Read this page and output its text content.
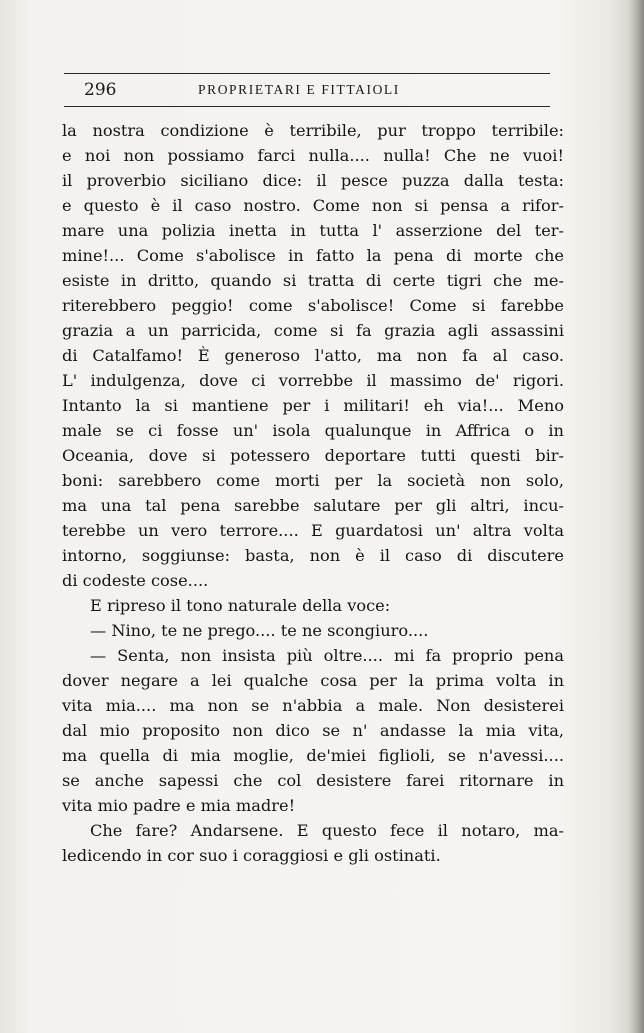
296	PROPRIETARI E FITTAIOLI
la nostra condizione è terribile, pur troppo terribile:
e noi non possiamo farci nulla.... nulla! Che ne vuoi!
il proverbio siciliano dice: il pesce puzza dalla testa:
e questo è il caso nostro. Come non si pensa a rifor-
mare una polizia inetta in tutta l' asserzione del ter-
mine!... Come s'abolisce in fatto la pena di morte che
esiste in dritto, quando si tratta di certe tigri che me-
riterebbero peggio! come s'abolisce! Come si farebbe
grazia a un parricida, come si fa grazia agli assassini
di Catalfamo! È generoso l'atto, ma non fa al caso.
L' indulgenza, dove ci vorrebbe il massimo de' rigori.
Intanto la si mantiene per i militari! eh via!... Meno
male se ci fosse un' isola qualunque in Affrica o in
Oceania, dove si potessero deportare tutti questi bir-
boni: sarebbero come morti per la società non solo,
ma una tal pena sarebbe salutare per gli altri, incu-
terebbe un vero terrore.... E guardatosi un' altra volta
intorno, soggiunse: basta, non è il caso di discutere
di codeste cose....
E ripreso il tono naturale della voce:
— Nino, te ne prego.... te ne scongiuro....
— Senta, non insista più oltre.... mi fa proprio pena
dover negare a lei qualche cosa per la prima volta in
vita mia.... ma non se n'abbia a male. Non desisterei
dal mio proposito non dico se n' andasse la mia vita,
ma quella di mia moglie, de'miei figlioli, se n'avessi....
se anche sapessi che col desistere farei ritornare in
vita mio padre e mia madre!
Che fare? Andarsene. E questo fece il notaro, ma-
ledicendo in cor suo i coraggiosi e gli ostinati.
